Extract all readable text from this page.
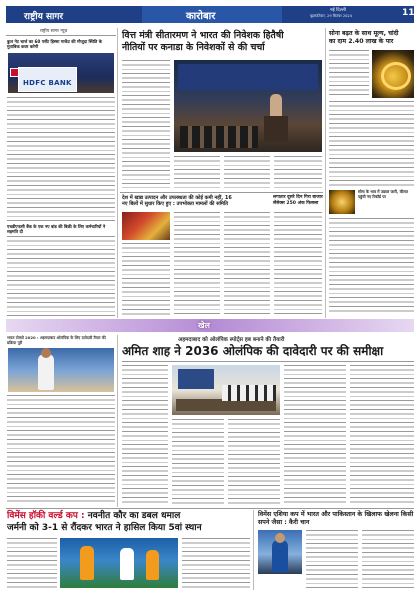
राष्ट्रीय सागर	कारोबार
नई दिल्ली
बृहस्पतिवार, 29 सितंबर 2024	11
राष्ट्रीय सागर न्यूज़
कुल नेट चार्ज का 60 पर्सेंट हिस्सा मार्केट की मौजूदा स्थिति के मुताबिक कवर करेगी
HDFC BANK
एचडीएफसी बैंक के एक नए बांड की बिक्री के लिए कर्मचारियों ने सहमति दी
वित्त मंत्री सीतारमण ने भारत की निवेशक हितैषी
नीतियों पर कनाडा के निवेशकों से की चर्चा
सोना बढ़त के साथ मूल्य, चांदी
का दाम 2.40 लाख के पार
सोना के भाव में उछाल जारी, कीमत पहुंची नए रिकॉर्ड पर
देश में खाद्य उत्पादन और उपलब्धता की कोई कमी नहीं, 16
नए बिलों में सुधार किए हुए : उपभोक्ता मामलों की समिति
लगातार दूसरे दिन गिरा बाजार
सेंसेक्स 250 अंक फिसला
खेल
भारत टोक्यो 2020 : अहमदाबाद ओलंपिक के लिए दावेदारी तैयार की प्रक्रिया पूरी	अहमदाबाद को ओलंपिक स्पोर्ट्स हब बनाने की तैयारी
अमित शाह ने 2036 ओलंपिक की दावेदारी पर की समीक्षा
विमेंस हॉकी वर्ल्ड कप : नवनीत कौर का डबल धमाल
जर्मनी को 3-1 से रौंदकर भारत ने हासिल किया 5वां स्थान
विमेंस एशिया कप में भारत और पाकिस्तान के खिलाफ खेलना किसी सपने जैसा : कैरी चान
